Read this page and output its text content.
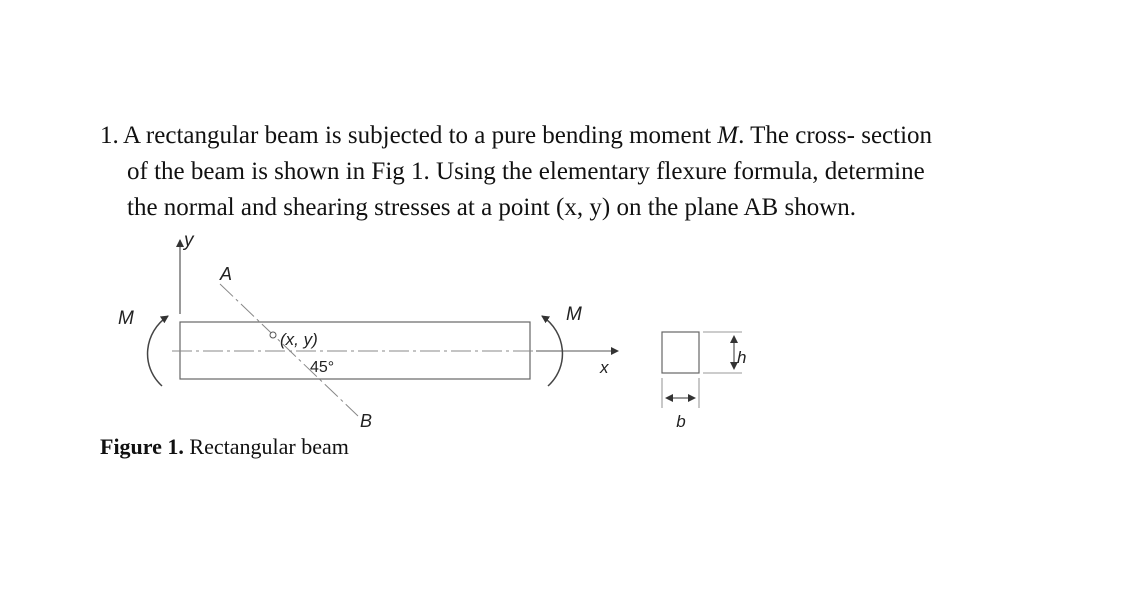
1. A rectangular beam is subjected to a pure bending moment M. The cross- section
of the beam is shown in Fig 1. Using the elementary flexure formula, determine
the normal and shearing stresses at a point (x, y) on the plane AB shown.
y
x
M	M
A
B
(x, y)
45°
h
b
Figure 1. Rectangular beam
